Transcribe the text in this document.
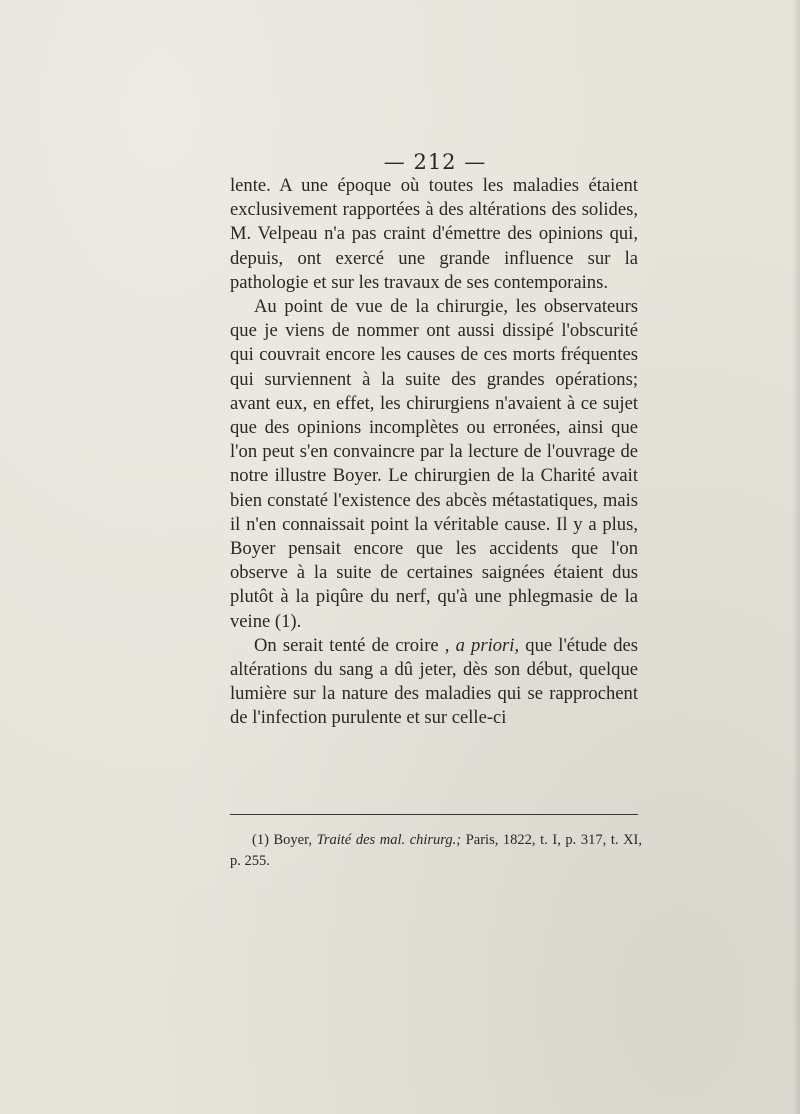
— 212 —

lente. A une époque où toutes les maladies étaient exclusivement rapportées à des altérations des solides, M. Velpeau n'a pas craint d'émettre des opinions qui, depuis, ont exercé une grande influence sur la pathologie et sur les travaux de ses contemporains.

Au point de vue de la chirurgie, les observateurs que je viens de nommer ont aussi dissipé l'obscurité qui couvrait encore les causes de ces morts fréquentes qui surviennent à la suite des grandes opérations; avant eux, en effet, les chirurgiens n'avaient à ce sujet que des opinions incomplètes ou erronées, ainsi que l'on peut s'en convaincre par la lecture de l'ouvrage de notre illustre Boyer. Le chirurgien de la Charité avait bien constaté l'existence des abcès métastatiques, mais il n'en connaissait point la véritable cause. Il y a plus, Boyer pensait encore que les accidents que l'on observe à la suite de certaines saignées étaient dus plutôt à la piqûre du nerf, qu'à une phlegmasie de la veine (1).

On serait tenté de croire , a priori, que l'étude des altérations du sang a dû jeter, dès son début, quelque lumière sur la nature des maladies qui se rapprochent de l'infection purulente et sur celle-ci

(1) Boyer, Traité des mal. chirurg.; Paris, 1822, t. I, p. 317, t. XI, p. 255.
